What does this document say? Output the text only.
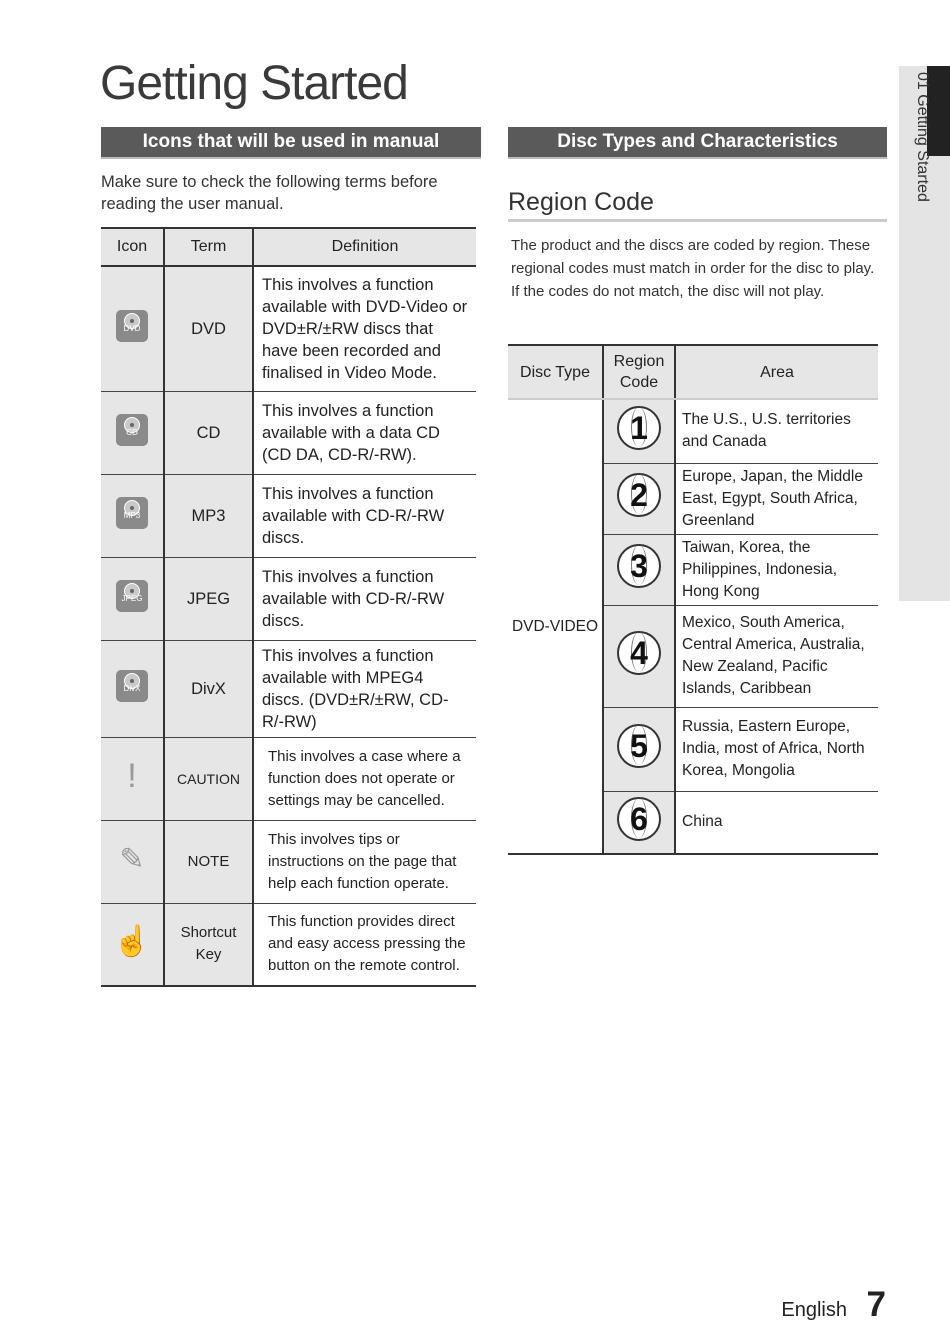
Getting Started	01 Getting Started
Icons that will be used in manual
Make sure to check the following terms before reading the user manual.
Icon	Term	Definition

DVD	DVD	This involves a function available with DVD-Video or DVD±R/±RW discs that have been recorded and finalised in Video Mode.

CD	CD	This involves a function available with a data CD (CD DA, CD-R/-RW).

MP3	MP3	This involves a function available with CD-R/-RW discs.

JPEG	JPEG	This involves a function available with CD-R/-RW discs.

DivX	DivX	This involves a function available with MPEG4 discs. (DVD±R/±RW, CD-R/-RW)
!	CAUTION	This involves a case where a function does not operate or settings may be cancelled.
✎	NOTE	This involves tips or instructions on the page that help each function operate.
☝	Shortcut Key	This function provides direct and easy access pressing the button on the remote control.
Disc Types and Characteristics
Region Code
The product and the discs are coded by region. These regional codes must match in order for the disc to play. If the codes do not match, the disc will not play.
Disc Type	Region Code	Area
DVD-VIDEO	1	The U.S., U.S. territories and Canada

	2	Europe, Japan, the Middle East, Egypt, South Africa, Greenland

	3	Taiwan, Korea, the Philippines, Indonesia, Hong Kong

	4	Mexico, South America, Central America, Australia, New Zealand, Pacific Islands, Caribbean

	5	Russia, Eastern Europe, India, most of Africa, North Korea, Mongolia

	6	China
English 7
